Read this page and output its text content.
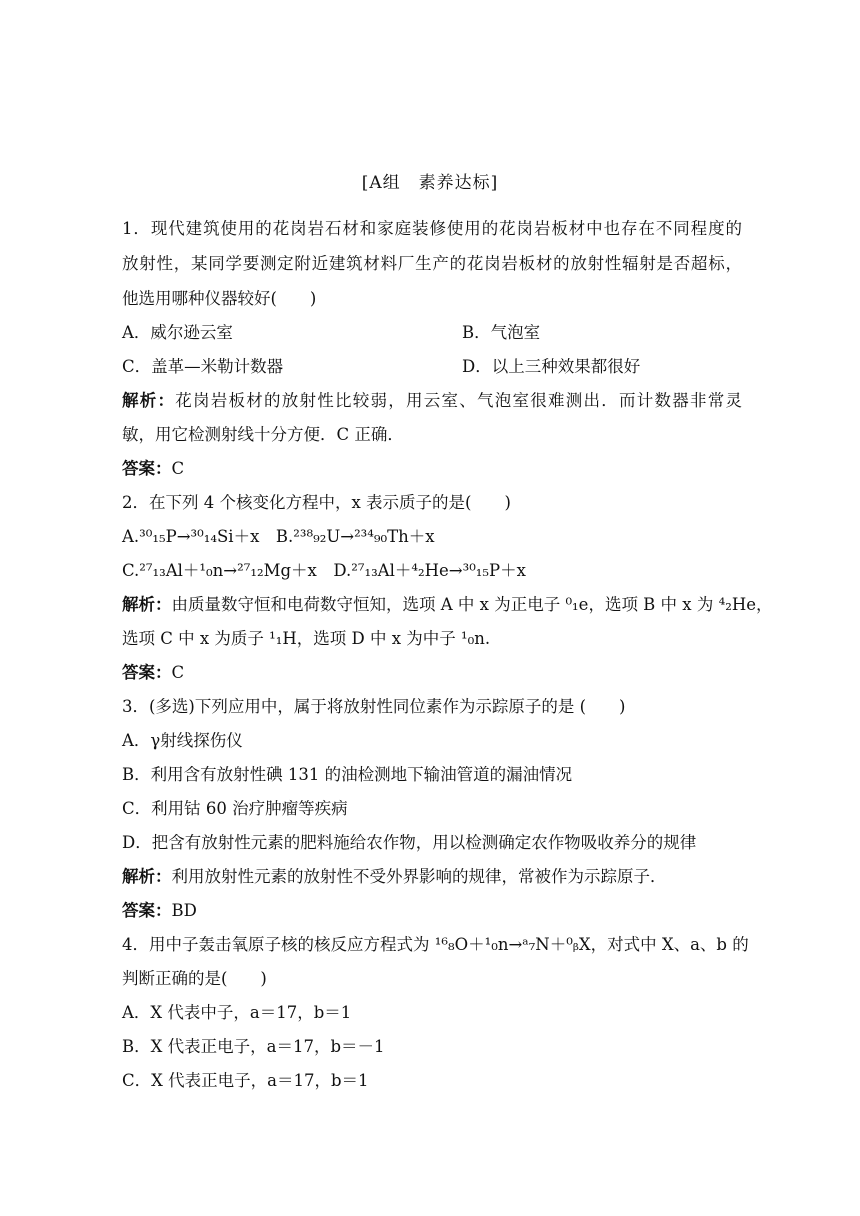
[A组　素养达标]
1．现代建筑使用的花岗岩石材和家庭装修使用的花岗岩板材中也存在不同程度的
放射性，某同学要测定附近建筑材料厂生产的花岗岩板材的放射性辐射是否超标，
他选用哪种仪器较好(　　)
A．威尔逊云室	B．气泡室
C．盖革—米勒计数器	D．以上三种效果都很好
解析：花岗岩板材的放射性比较弱，用云室、气泡室很难测出．而计数器非常灵
敏，用它检测射线十分方便．C 正确．
答案：C
2．在下列 4 个核变化方程中，x 表示质子的是(　　)
A.³⁰₁₅P→³⁰₁₄Si＋x　B.²³⁸₉₂U→²³⁴₉₀Th＋x
C.²⁷₁₃Al＋¹₀n→²⁷₁₂Mg＋x　D.²⁷₁₃Al＋⁴₂He→³⁰₁₅P＋x
解析：由质量数守恒和电荷数守恒知，选项 A 中 x 为正电子 ⁰₁e，选项 B 中 x 为 ⁴₂He，
选项 C 中 x 为质子 ¹₁H，选项 D 中 x 为中子 ¹₀n.
答案：C
3．(多选)下列应用中，属于将放射性同位素作为示踪原子的是 (　　)
A．γ射线探伤仪
B．利用含有放射性碘 131 的油检测地下输油管道的漏油情况
C．利用钴 60 治疗肿瘤等疾病
D．把含有放射性元素的肥料施给农作物，用以检测确定农作物吸收养分的规律
解析：利用放射性元素的放射性不受外界影响的规律，常被作为示踪原子．
答案：BD
4．用中子轰击氧原子核的核反应方程式为 ¹⁶₈O＋¹₀n→ᵃ₇N＋⁰ᵦX，对式中 X、a、b 的
判断正确的是(　　)
A．X 代表中子，a＝17，b＝1
B．X 代表正电子，a＝17，b＝－1
C．X 代表正电子，a＝17，b＝1
